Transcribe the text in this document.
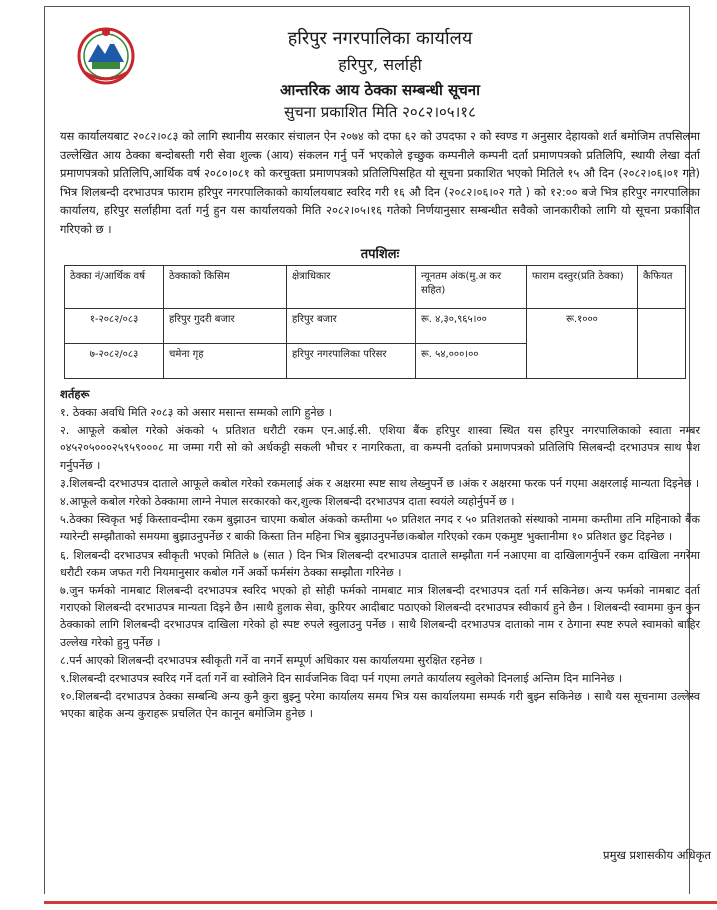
हरिपुर नगरपालिका कार्यालय
हरिपुर, सर्लाही
आन्तरिक आय ठेक्का सम्बन्धी सूचना
सुचना प्रकाशित मिति २०८२।०५।१८

यस कार्यालयबाट २०८२।०८३ को लागि स्थानीय सरकार संचालन ऐन २०७४ को दफा ६२ को उपदफा २ को स्वण्ड ग अनुसार देहायको शर्त बमोजिम तपसिलमा उल्लेखित आय ठेक्का बन्दोबस्ती गरी सेवा शुल्क (आय) संकलन गर्नु पर्ने भएकोले इच्छुक कम्पनीले कम्पनी दर्ता प्रमाणपत्रको प्रतिलिपि, स्थायी लेखा दर्ता प्रमाणपत्रको प्रतिलिपि,आर्थिक वर्ष २०८०।०८१ को करचुक्ता प्रमाणपत्रको प्रतिलिपिसहित यो सूचना प्रकाशित भएको मितिले १५ औ दिन (२०८२।०६।०१ गते) भित्र शिलबन्दी दरभाउपत्र फाराम हरिपुर नगरपालिकाको कार्यालयबाट स्वरिद गरी १६ औ दिन (२०८२।०६।०२ गते ) को १२:०० बजे भित्र हरिपुर नगरपालिका कार्यालय, हरिपुर सर्लाहीमा दर्ता गर्नु हुन यस कार्यालयको मिति २०८२।०५।१६ गतेको निर्णयानुसार सम्बन्धीत सवैको जानकारीको लागि यो सूचना प्रकाशित गरिएको छ ।

तपशिलः
ठेक्का नं/आर्थिक वर्ष	ठेक्काको किसिम	क्षेत्राधिकार	न्यूनतम अंक(मु.अ कर सहित)	फाराम दस्तुर(प्रति ठेक्का)	कैफियत
१-२०८२/०८३	हरिपुर गुदरी बजार	हरिपुर बजार	रू. ४,३०,९६५।००	रू.१०००	
७-२०८२/०८३	चमेना गृह	हरिपुर नगरपालिका परिसर	रू. ५४,०००।००		
शर्तहरू
१. ठेक्का अवधि मिति २०८३ को असार मसान्त सम्मको लागि हुनेछ ।
२. आफूले कबोल गरेको अंकको ५ प्रतिशत धरौटी रकम एन.आई.सी. एशिया बैंक हरिपुर शास्वा स्थित यस हरिपुर नगरपालिकाको स्वाता नम्बर ०४५२०५०००२५९५९०००८ मा जम्मा गरी सो को अर्धकट्टी सकली भौचर र नागरिकता, वा कम्पनी दर्ताको प्रमाणपत्रको प्रतिलिपि सिलबन्दी दरभाउपत्र साथ पेश गर्नुपर्नेछ ।
३.शिलबन्दी दरभाउपत्र दाताले आफूले कबोल गरेको रकमलाई अंक र अक्षरमा स्पष्ट साथ लेख्नुपर्ने छ ।अंक र अक्षरमा फरक पर्न गएमा अक्षरलाई मान्यता दिइनेछ ।
४.आफूले कबोल गरेको ठेक्कामा लाग्ने नेपाल सरकारको कर,शुल्क शिलबन्दी दरभाउपत्र दाता स्वयंले व्यहोर्नुपर्ने छ ।
५.ठेक्का स्विकृत भई किस्तावन्दीमा रकम बुझाउन चाएमा कबोल अंकको कम्तीमा ५० प्रतिशत नगद र ५० प्रतिशतको संस्थाको नाममा कम्तीमा तनि महिनाको बैंक ग्यारेन्टी सम्झौताको समयमा बुझाउनुपर्नेछ र बाकी किस्ता तिन महिना भित्र बुझाउनुपर्नेछ।कबोल गरिएको रकम एकमुष्ट भुक्तानीमा १० प्रतिशत छुट दिइनेछ ।
६. शिलबन्दी दरभाउपत्र स्वीकृती भएको मितिले ७ (सात ) दिन भित्र शिलबन्दी दरभाउपत्र दाताले सम्झौता गर्न नआएमा वा दाखिलागर्नुपर्ने रकम दाखिला नगरेमा धरौटी रकम जफत गरी नियमानुसार कबोल गर्ने अर्को फर्मसंग ठेक्का सम्झौता गरिनेछ ।
७.जुन फर्मको नामबाट शिलबन्दी दरभाउपत्र स्वरिद भएको हो सोही फर्मको नामबाट मात्र शिलबन्दी दरभाउपत्र दर्ता गर्न सकिनेछ। अन्य फर्मको नामबाट दर्ता गराएको शिलबन्दी दरभाउपत्र मान्यता दिइने छैन ।साथै हुलाक सेवा, कुरियर आदीबाट पठाएको शिलबन्दी दरभाउपत्र स्वीकार्य हुने छैन । शिलबन्दी स्वाममा कुन कुन ठेक्काको लागि शिलबन्दी दरभाउपत्र दाखिला गरेको हो स्पष्ट रुपले स्वुलाउनु पर्नेछ । साथै शिलबन्दी दरभाउपत्र दाताको नाम र ठेगाना स्पष्ट रुपले स्वामको बाहिर उल्लेख गरेको हुनु पर्नेछ ।
८.पर्न आएको शिलबन्दी दरभाउपत्र स्वीकृती गर्ने वा नगर्ने सम्पूर्ण अधिकार यस कार्यालयमा सुरक्षित रहनेछ ।
९.शिलबन्दी दरभाउपत्र स्वरिद गर्ने दर्ता गर्ने वा स्वोलिने दिन सार्वजनिक विदा पर्न गएमा लगते कार्यालय स्वुलेको दिनलाई अन्तिम दिन मानिनेछ ।
१०.शिलबन्दी दरभाउपत्र ठेक्का सम्बन्धि अन्य कुनै कुरा बुझ्नु परेमा कार्यालय समय भित्र यस कार्यालयमा सम्पर्क गरी बुझ्न सकिनेछ । साथै यस सूचनामा उल्लेस्व भएका बाहेक अन्य कुराहरू प्रचलित ऐन कानून बमोजिम हुनेछ ।
प्रमुख प्रशासकीय अधिकृत
